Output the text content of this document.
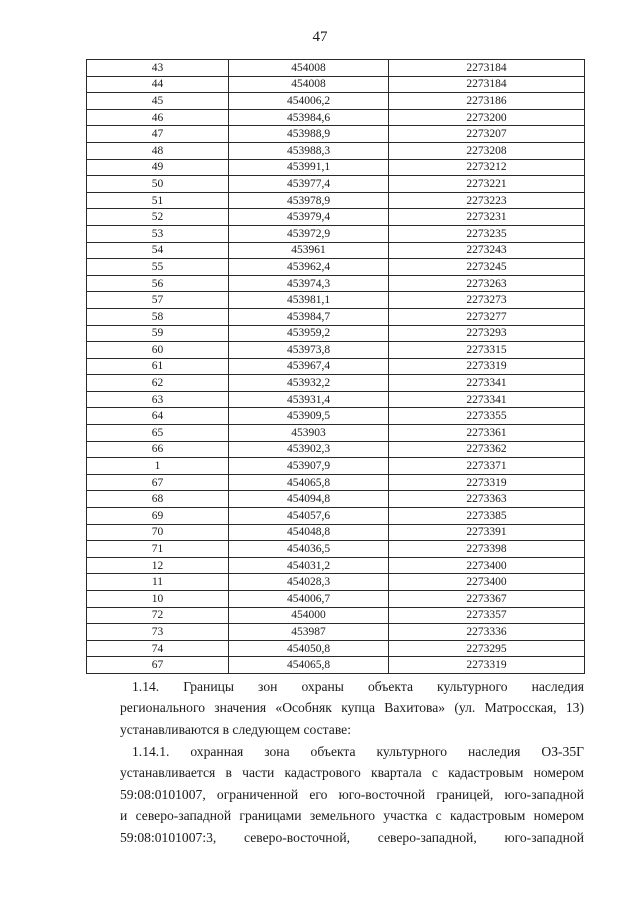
47
43	454008	2273184
44	454008	2273184
45	454006,2	2273186
46	453984,6	2273200
47	453988,9	2273207
48	453988,3	2273208
49	453991,1	2273212
50	453977,4	2273221
51	453978,9	2273223
52	453979,4	2273231
53	453972,9	2273235
54	453961	2273243
55	453962,4	2273245
56	453974,3	2273263
57	453981,1	2273273
58	453984,7	2273277
59	453959,2	2273293
60	453973,8	2273315
61	453967,4	2273319
62	453932,2	2273341
63	453931,4	2273341
64	453909,5	2273355
65	453903	2273361
66	453902,3	2273362
1	453907,9	2273371
67	454065,8	2273319
68	454094,8	2273363
69	454057,6	2273385
70	454048,8	2273391
71	454036,5	2273398
12	454031,2	2273400
11	454028,3	2273400
10	454006,7	2273367
72	454000	2273357
73	453987	2273336
74	454050,8	2273295
67	454065,8	2273319
1.14. Границы зон охраны объекта культурного наследия
регионального значения «Особняк купца Вахитова» (ул. Матросская, 13)
устанавливаются в следующем составе:
1.14.1. охранная зона объекта культурного наследия ОЗ-35Г
устанавливается в части кадастрового квартала с кадастровым номером
59:08:0101007, ограниченной его юго-восточной границей, юго-западной
и северо-западной границами земельного участка с кадастровым номером
59:08:0101007:3, северо-восточной, северо-западной, юго-западной
